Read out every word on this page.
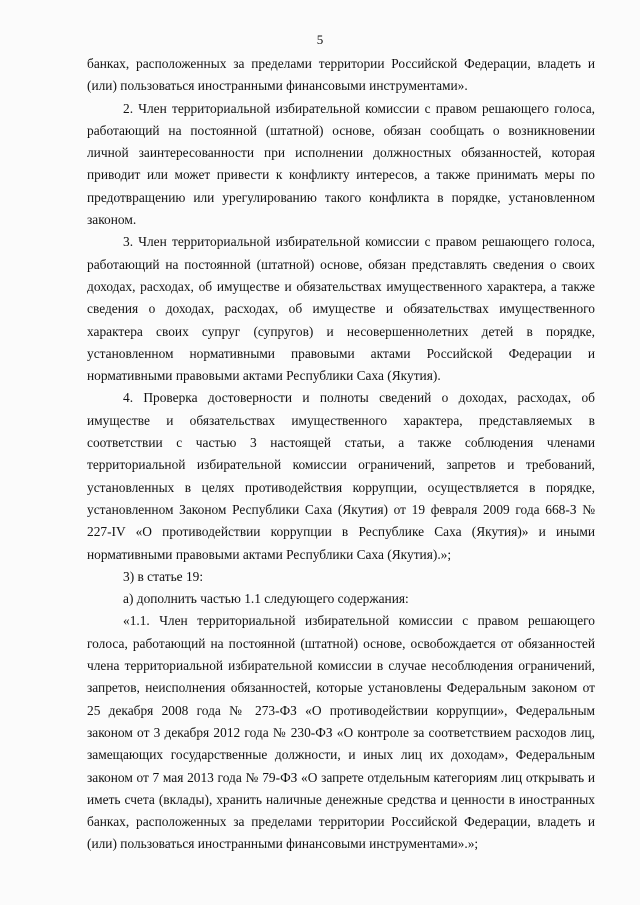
5

банках, расположенных за пределами территории Российской Федерации, владеть и (или) пользоваться иностранными финансовыми инструментами».

2. Член территориальной избирательной комиссии с правом решающего голоса, работающий на постоянной (штатной) основе, обязан сообщать о возникновении личной заинтересованности при исполнении должностных обязанностей, которая приводит или может привести к конфликту интересов, а также принимать меры по предотвращению или урегулированию такого конфликта в порядке, установленном законом.

3. Член территориальной избирательной комиссии с правом решающего голоса, работающий на постоянной (штатной) основе, обязан представлять сведения о своих доходах, расходах, об имуществе и обязательствах имущественного характера, а также сведения о доходах, расходах, об имуществе и обязательствах имущественного характера своих супруг (супругов) и несовершеннолетних детей в порядке, установленном нормативными правовыми актами Российской Федерации и нормативными правовыми актами Республики Саха (Якутия).

4. Проверка достоверности и полноты сведений о доходах, расходах, об имуществе и обязательствах имущественного характера, представляемых в соответствии с частью 3 настоящей статьи, а также соблюдения членами территориальной избирательной комиссии ограничений, запретов и требований, установленных в целях противодействия коррупции, осуществляется в порядке, установленном Законом Республики Саха (Якутия) от 19 февраля 2009 года 668-З № 227-IV «О противодействии коррупции в Республике Саха (Якутия)» и иными нормативными правовыми актами Республики Саха (Якутия).»;

3) в статье 19:

а) дополнить частью 1.1 следующего содержания:

«1.1. Член территориальной избирательной комиссии с правом решающего голоса, работающий на постоянной (штатной) основе, освобождается от обязанностей члена территориальной избирательной комиссии в случае несоблюдения ограничений, запретов, неисполнения обязанностей, которые установлены Федеральным законом от 25 декабря 2008 года № 273-ФЗ «О противодействии коррупции», Федеральным законом от 3 декабря 2012 года № 230-ФЗ «О контроле за соответствием расходов лиц, замещающих государственные должности, и иных лиц их доходам», Федеральным законом от 7 мая 2013 года № 79-ФЗ «О запрете отдельным категориям лиц открывать и иметь счета (вклады), хранить наличные денежные средства и ценности в иностранных банках, расположенных за пределами территории Российской Федерации, владеть и (или) пользоваться иностранными финансовыми инструментами».»;
